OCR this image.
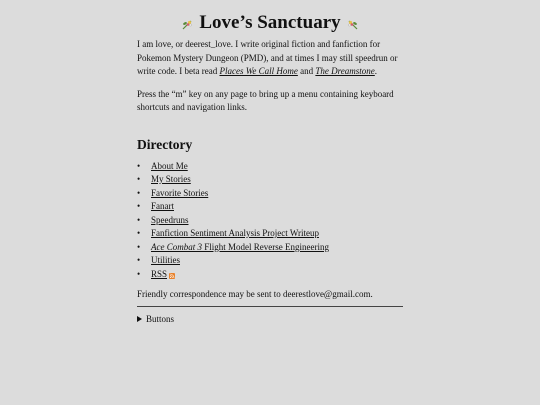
Love’s Sanctuary

I am love, or deerest_love. I write original fiction and fanfiction for Pokemon Mystery Dungeon (PMD), and at times I may still speedrun or write code. I beta read Places We Call Home and The Dreamstone.

Press the “m” key on any page to bring up a menu containing keyboard shortcuts and navigation links.

Directory
• About Me
• My Stories
• Favorite Stories
• Fanart
• Speedruns
• Fanfiction Sentiment Analysis Project Writeup
• Ace Combat 3 Flight Model Reverse Engineering
• Utilities
• RSS

Friendly correspondence may be sent to deerestlove@gmail.com.

Buttons
